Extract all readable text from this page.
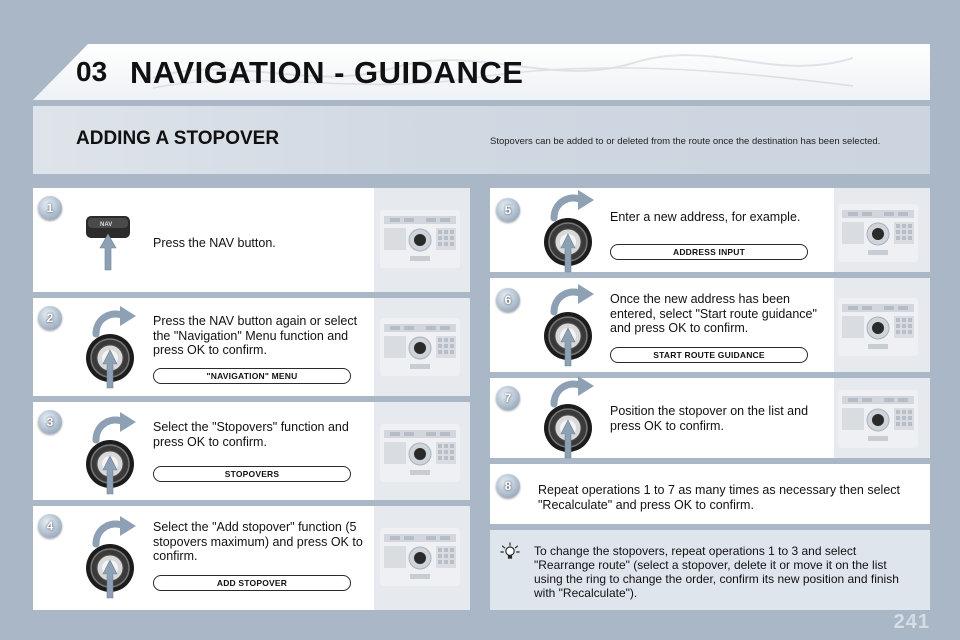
03 NAVIGATION - GUIDANCE
ADDING A STOPOVER	Stopovers can be added to or deleted from the route once the destination has been selected.
1
NAV
Press the NAV button.
2	Press the NAV button again or select the "Navigation" Menu function and press OK to confirm.
"NAVIGATION" MENU
3	Select the "Stopovers" function and press OK to confirm.
STOPOVERS
4	Select the "Add stopover" function (5 stopovers maximum) and press OK to confirm.
ADD STOPOVER
5	Enter a new address, for example.
ADDRESS INPUT
6	Once the new address has been entered, select "Start route guidance" and press OK to confirm.
START ROUTE GUIDANCE
7
Position the stopover on the list and press OK to confirm.
8	Repeat operations 1 to 7 as many times as necessary then select "Recalculate" and press OK to confirm.
To change the stopovers, repeat operations 1 to 3 and select "Rearrange route" (select a stopover, delete it or move it on the list using the ring to change the order, confirm its new position and finish with "Recalculate").
241
